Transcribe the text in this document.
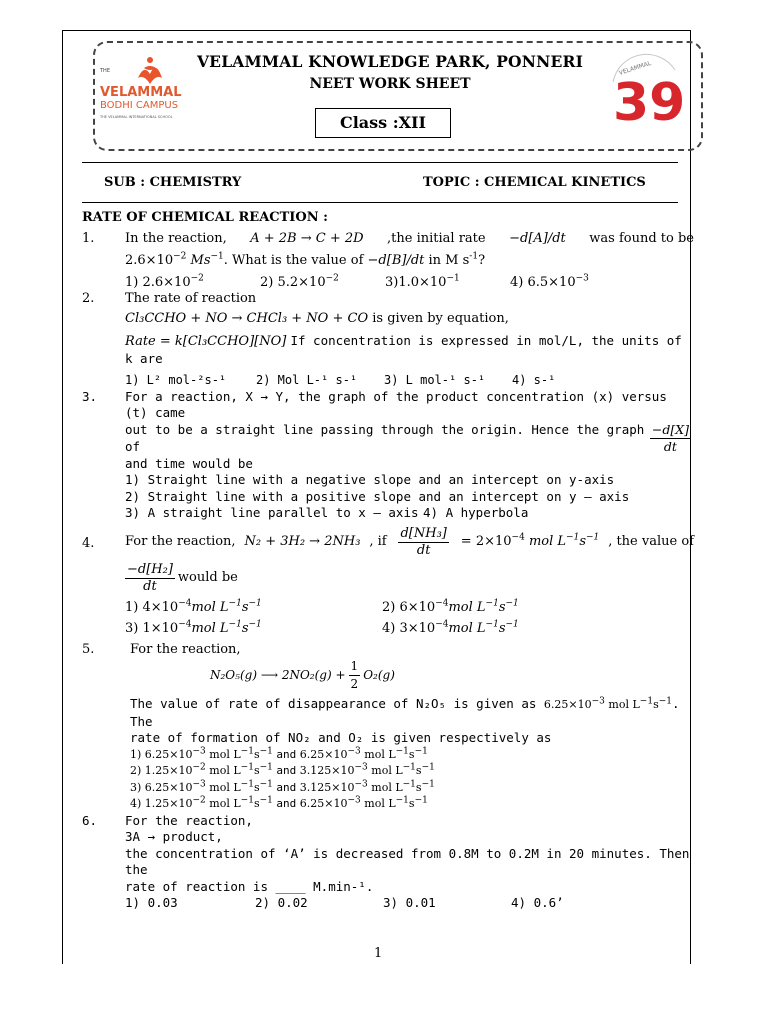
THE
VELAMMAL
BODHI CAMPUS
THE VELAMMAL INTERNATIONAL SCHOOL
VELAMMAL KNOWLEDGE PARK, PONNERI
NEET WORK SHEET
Class :XII
VELAMMAL
39
SUB : CHEMISTRY	TOPIC : CHEMICAL KINETICS
RATE OF CHEMICAL REACTION :
1.	In the reaction, A + 2B → C + 2D ,the initial rate −d[A]/dt was found to be
$2.6\times 10^{-2}$ $Ms^{-1}$. What is the value of −d[B]/dt in M $s^{-1}$?
1) $2.6\times 10^{-2}$	2) $5.2\times 10^{-2}$	$3)1.0\times 10^{-1}$	4) $6.5\times 10^{-3}$
2.	The rate of reaction
Cl₃CCHO + NO → CHCl₃ + NO + CO is given by equation,
Rate = k[Cl₃CCHO][NO] If concentration is expressed in mol/L, the units of k are
1) L² mol-²s-¹	2) Mol L-¹ s-¹	3) L mol-¹ s-¹	4) s-¹
3.	For a reaction, X → Y, the graph of the product concentration (x) versus (t) came
out to be a straight line passing through the origin. Hence the graph of	$\frac{-d[X]}{dt}$
and time would be
1) Straight line with a negative slope and an intercept on y-axis
2) Straight line with a positive slope and an intercept on y – axis
3) A straight line parallel to x – axis 4) A hyperbola
4.	For the reaction, N₂ + 3H₂ → 2NH₃ , if $\frac{\text{d[NH₃]}}{dt} = 2\times 10^{-4}$ mol $L^{-1}s^{-1}$ , the value of
$\frac{\text{−d[H₂]}}{dt}$ would be
1) $4\times 10^{-4}mol$ $L^{-1}s^{-1}$	2) $6\times 10^{-4}mol$ $L^{-1}s^{-1}$
3) $1\times 10^{-4}mol$ $L^{-1}s^{-1}$	4) $3\times 10^{-4}mol$ $L^{-1}s^{-1}$
5.	For the reaction,
N₂O₅(g) ⟶ $2NO_2(g) + \frac{1}{2} O_2(g)$
The value of rate of disappearance of N₂O₅ is given as $6.25\times 10^{-3}$ mol $L^{-1}s^{-1}$. The
rate of formation of NO₂ and O₂ is given respectively as
1) $6.25\times 10^{-3}$ mol $L^{-1}s^{-1}$ and $6.25\times 10^{-3}$ mol $L^{-1}s^{-1}$
2) $1.25\times 10^{-2}$ mol $L^{-1}s^{-1}$ and $3.125\times 10^{-3}$ mol $L^{-1}s^{-1}$
3) $6.25\times 10^{-3}$ mol $L^{-1}s^{-1}$ and $3.125\times 10^{-3}$ mol $L^{-1}s^{-1}$
4) $1.25\times 10^{-2}$ mol $L^{-1}s^{-1}$ and $6.25\times 10^{-3}$ mol $L^{-1}s^{-1}$
6.	For the reaction,
3A → product,
the concentration of ‘A’ is decreased from 0.8M to 0.2M in 20 minutes. Then the
rate of reaction is ____ M.min-¹.
1) 0.03	2) 0.02	3) 0.01	4) 0.6’
1
